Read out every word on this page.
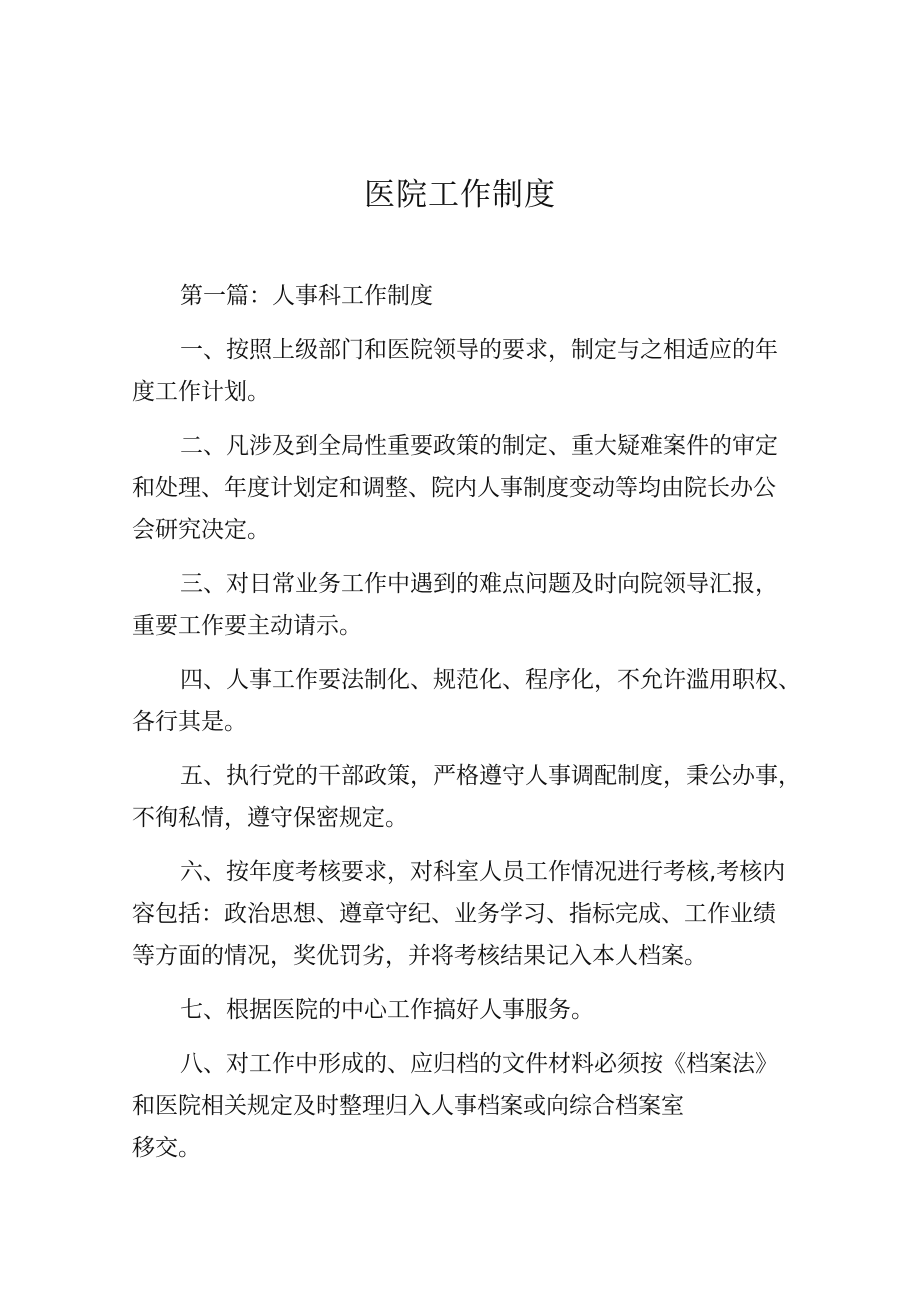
医院工作制度
第一篇：人事科工作制度
一、按照上级部门和医院领导的要求，制定与之相适应的年
度工作计划。
二、凡涉及到全局性重要政策的制定、重大疑难案件的审定
和处理、年度计划定和调整、院内人事制度变动等均由院长办公
会研究决定。
三、对日常业务工作中遇到的难点问题及时向院领导汇报，
重要工作要主动请示。
四、人事工作要法制化、规范化、程序化，不允许滥用职权、
各行其是。
五、执行党的干部政策，严格遵守人事调配制度，秉公办事，
不徇私情，遵守保密规定。
六、按年度考核要求，对科室人员工作情况进行考核,考核内
容包括：政治思想、遵章守纪、业务学习、指标完成、工作业绩
等方面的情况，奖优罚劣，并将考核结果记入本人档案。
七、根据医院的中心工作搞好人事服务。
八、对工作中形成的、应归档的文件材料必须按《档案法》
和医院相关规定及时整理归入人事档案或向综合档案室
移交。
